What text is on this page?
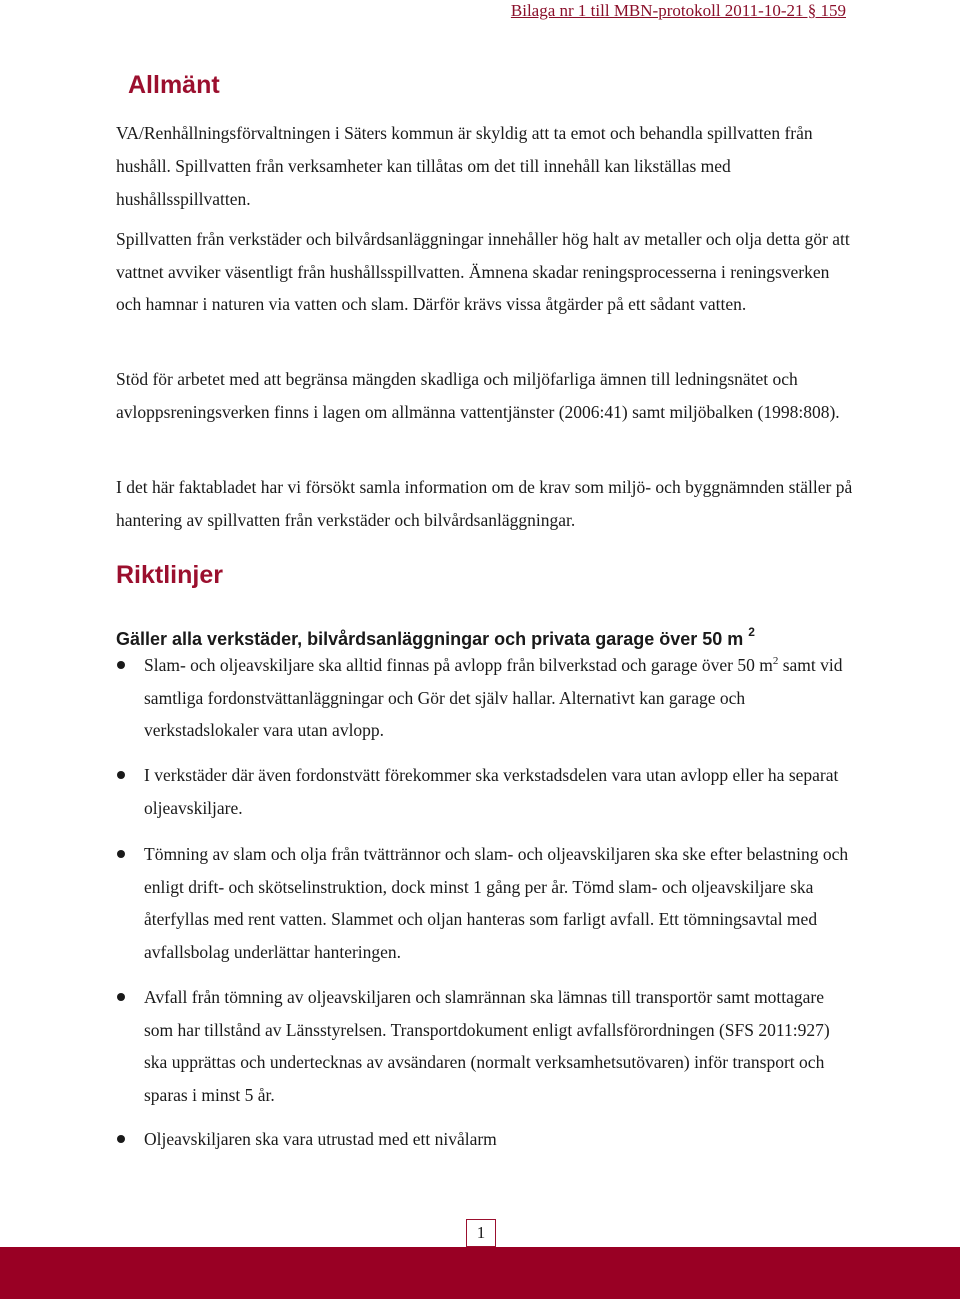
Bilaga nr 1 till MBN-protokoll 2011-10-21 § 159
Allmänt

VA/Renhållningsförvaltningen i Säters kommun är skyldig att ta emot och behandla spillvatten från hushåll. Spillvatten från verksamheter kan tillåtas om det till innehåll kan likställas med hushållsspillvatten.

Spillvatten från verkstäder och bilvårdsanläggningar innehåller hög halt av metaller och olja detta gör att vattnet avviker väsentligt från hushållsspillvatten. Ämnena skadar reningsprocesserna i reningsverken och hamnar i naturen via vatten och slam. Därför krävs vissa åtgärder på ett sådant vatten.

Stöd för arbetet med att begränsa mängden skadliga och miljöfarliga ämnen till ledningsnätet och avloppsreningsverken finns i lagen om allmänna vattentjänster (2006:41) samt miljöbalken (1998:808).

I det här faktabladet har vi försökt samla information om de krav som miljö- och byggnämnden ställer på hantering av spillvatten från verkstäder och bilvårdsanläggningar.

Riktlinjer
Gäller alla verkstäder, bilvårdsanläggningar och privata garage över 50 m $^2$
Slam- och oljeavskiljare ska alltid finnas på avlopp från bilverkstad och garage över 50 $m^2$ samt vid samtliga fordonstvättanläggningar och Gör det själv hallar. Alternativt kan garage och verkstadslokaler vara utan avlopp.
I verkstäder där även fordonstvätt förekommer ska verkstadsdelen vara utan avlopp eller ha separat oljeavskiljare.
Tömning av slam och olja från tvättrännor och slam- och oljeavskiljaren ska ske efter belastning och enligt drift- och skötselinstruktion, dock minst 1 gång per år. Tömd slam- och oljeavskiljare ska återfyllas med rent vatten. Slammet och oljan hanteras som farligt avfall. Ett tömningsavtal med avfallsbolag underlättar hanteringen.
Avfall från tömning av oljeavskiljaren och slamrännan ska lämnas till transportör samt mottagare som har tillstånd av Länsstyrelsen. Transportdokument enligt avfallsförordningen (SFS 2011:927) ska upprättas och undertecknas av avsändaren (normalt verksamhetsutövaren) inför transport och sparas i minst 5 år.
Oljeavskiljaren ska vara utrustad med ett nivålarm
1
